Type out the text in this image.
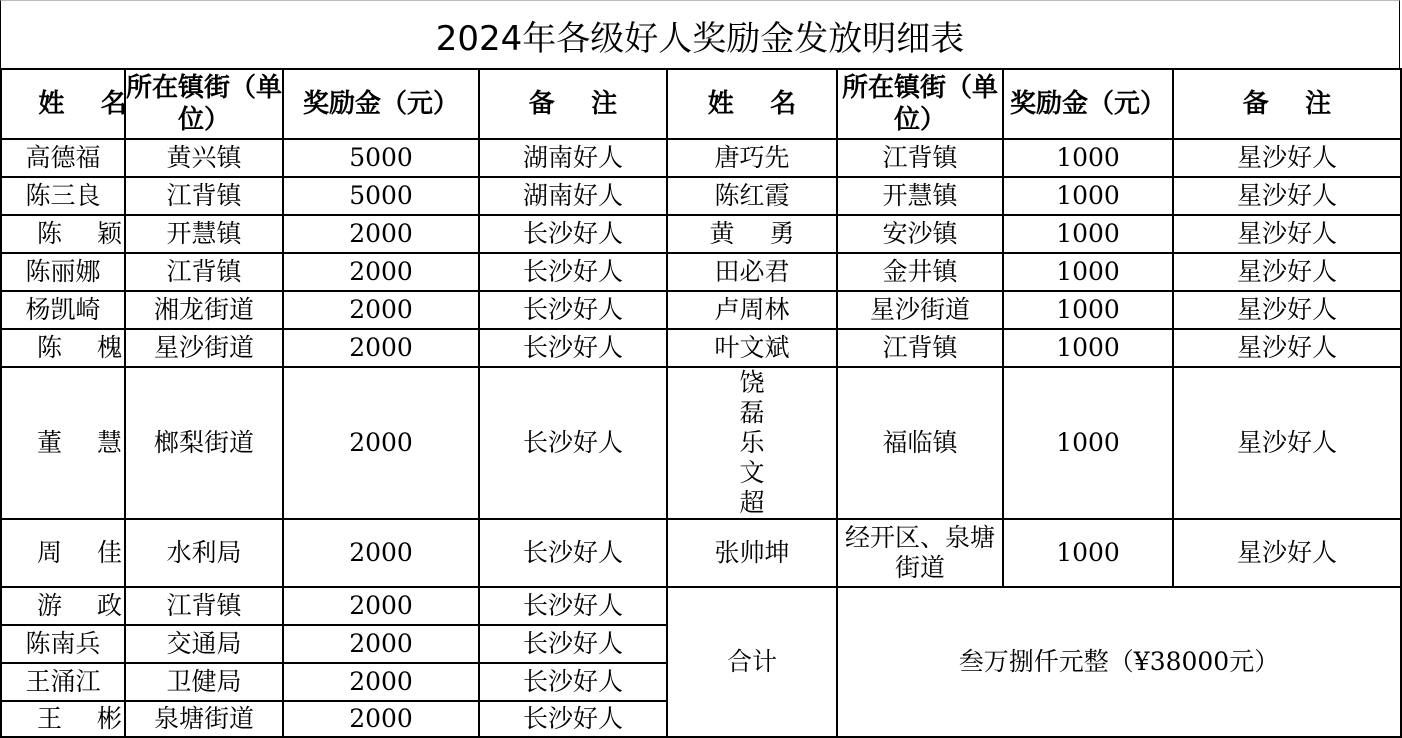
2024年各级好人奖励金发放明细表
姓名	所在镇街（单位）	奖励金（元）	备注	姓名	所在镇街（单位）	奖励金（元）	备注
高德福	黄兴镇	5000	湖南好人	唐巧先	江背镇	1000	星沙好人
陈三良	江背镇	5000	湖南好人	陈红霞	开慧镇	1000	星沙好人
陈颖	开慧镇	2000	长沙好人	黄勇	安沙镇	1000	星沙好人
陈丽娜	江背镇	2000	长沙好人	田必君	金井镇	1000	星沙好人
杨凯崎	湘龙街道	2000	长沙好人	卢周林	星沙街道	1000	星沙好人
陈槐	星沙街道	2000	长沙好人	叶文斌	江背镇	1000	星沙好人
董慧	榔梨街道	2000	长沙好人	饶磊乐文超	福临镇	1000	星沙好人
周佳	水利局	2000	长沙好人	张帅坤	经开区、泉塘街道	1000	星沙好人
游政	江背镇	2000	长沙好人	合计	叁万捌仟元整（¥38000元）		
陈南兵	交通局	2000	长沙好人				
王涌江	卫健局	2000	长沙好人				
王彬	泉塘街道	2000	长沙好人				
